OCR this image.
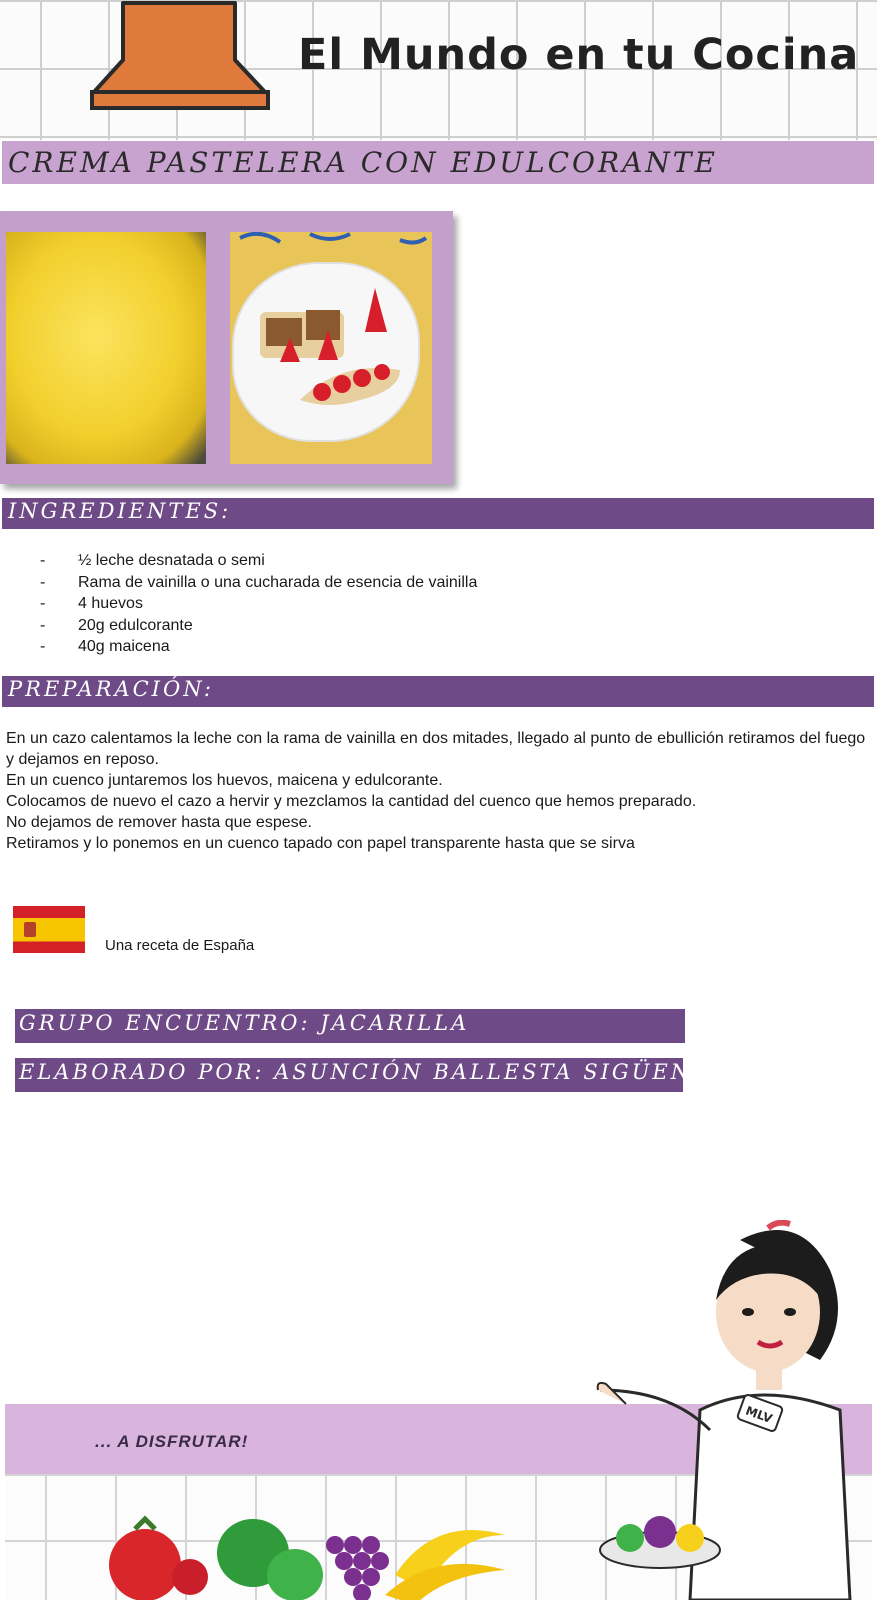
El Mundo en tu Cocina
CREMA PASTELERA CON EDULCORANTE
INGREDIENTES:
-	½ leche desnatada o semi
-	Rama de vainilla o una cucharada de esencia de vainilla
-	4 huevos
-	20g edulcorante
-	40g maicena
PREPARACIÓN:

En un cazo calentamos la leche con la rama de vainilla en dos mitades, llegado al punto de ebullición retiramos del fuego y dejamos en reposo.

En un cuenco juntaremos los huevos, maicena y edulcorante.

Colocamos de nuevo el cazo a hervir y mezclamos la cantidad del cuenco que hemos preparado.

No dejamos de remover hasta que espese.

Retiramos y lo ponemos en un cuenco tapado con papel transparente hasta que se sirva

Una receta de España
GRUPO ENCUENTRO: JACARILLA
ELABORADO POR: ASUNCIÓN BALLESTA SIGÜENZA
... A DISFRUTAR!
MLV
